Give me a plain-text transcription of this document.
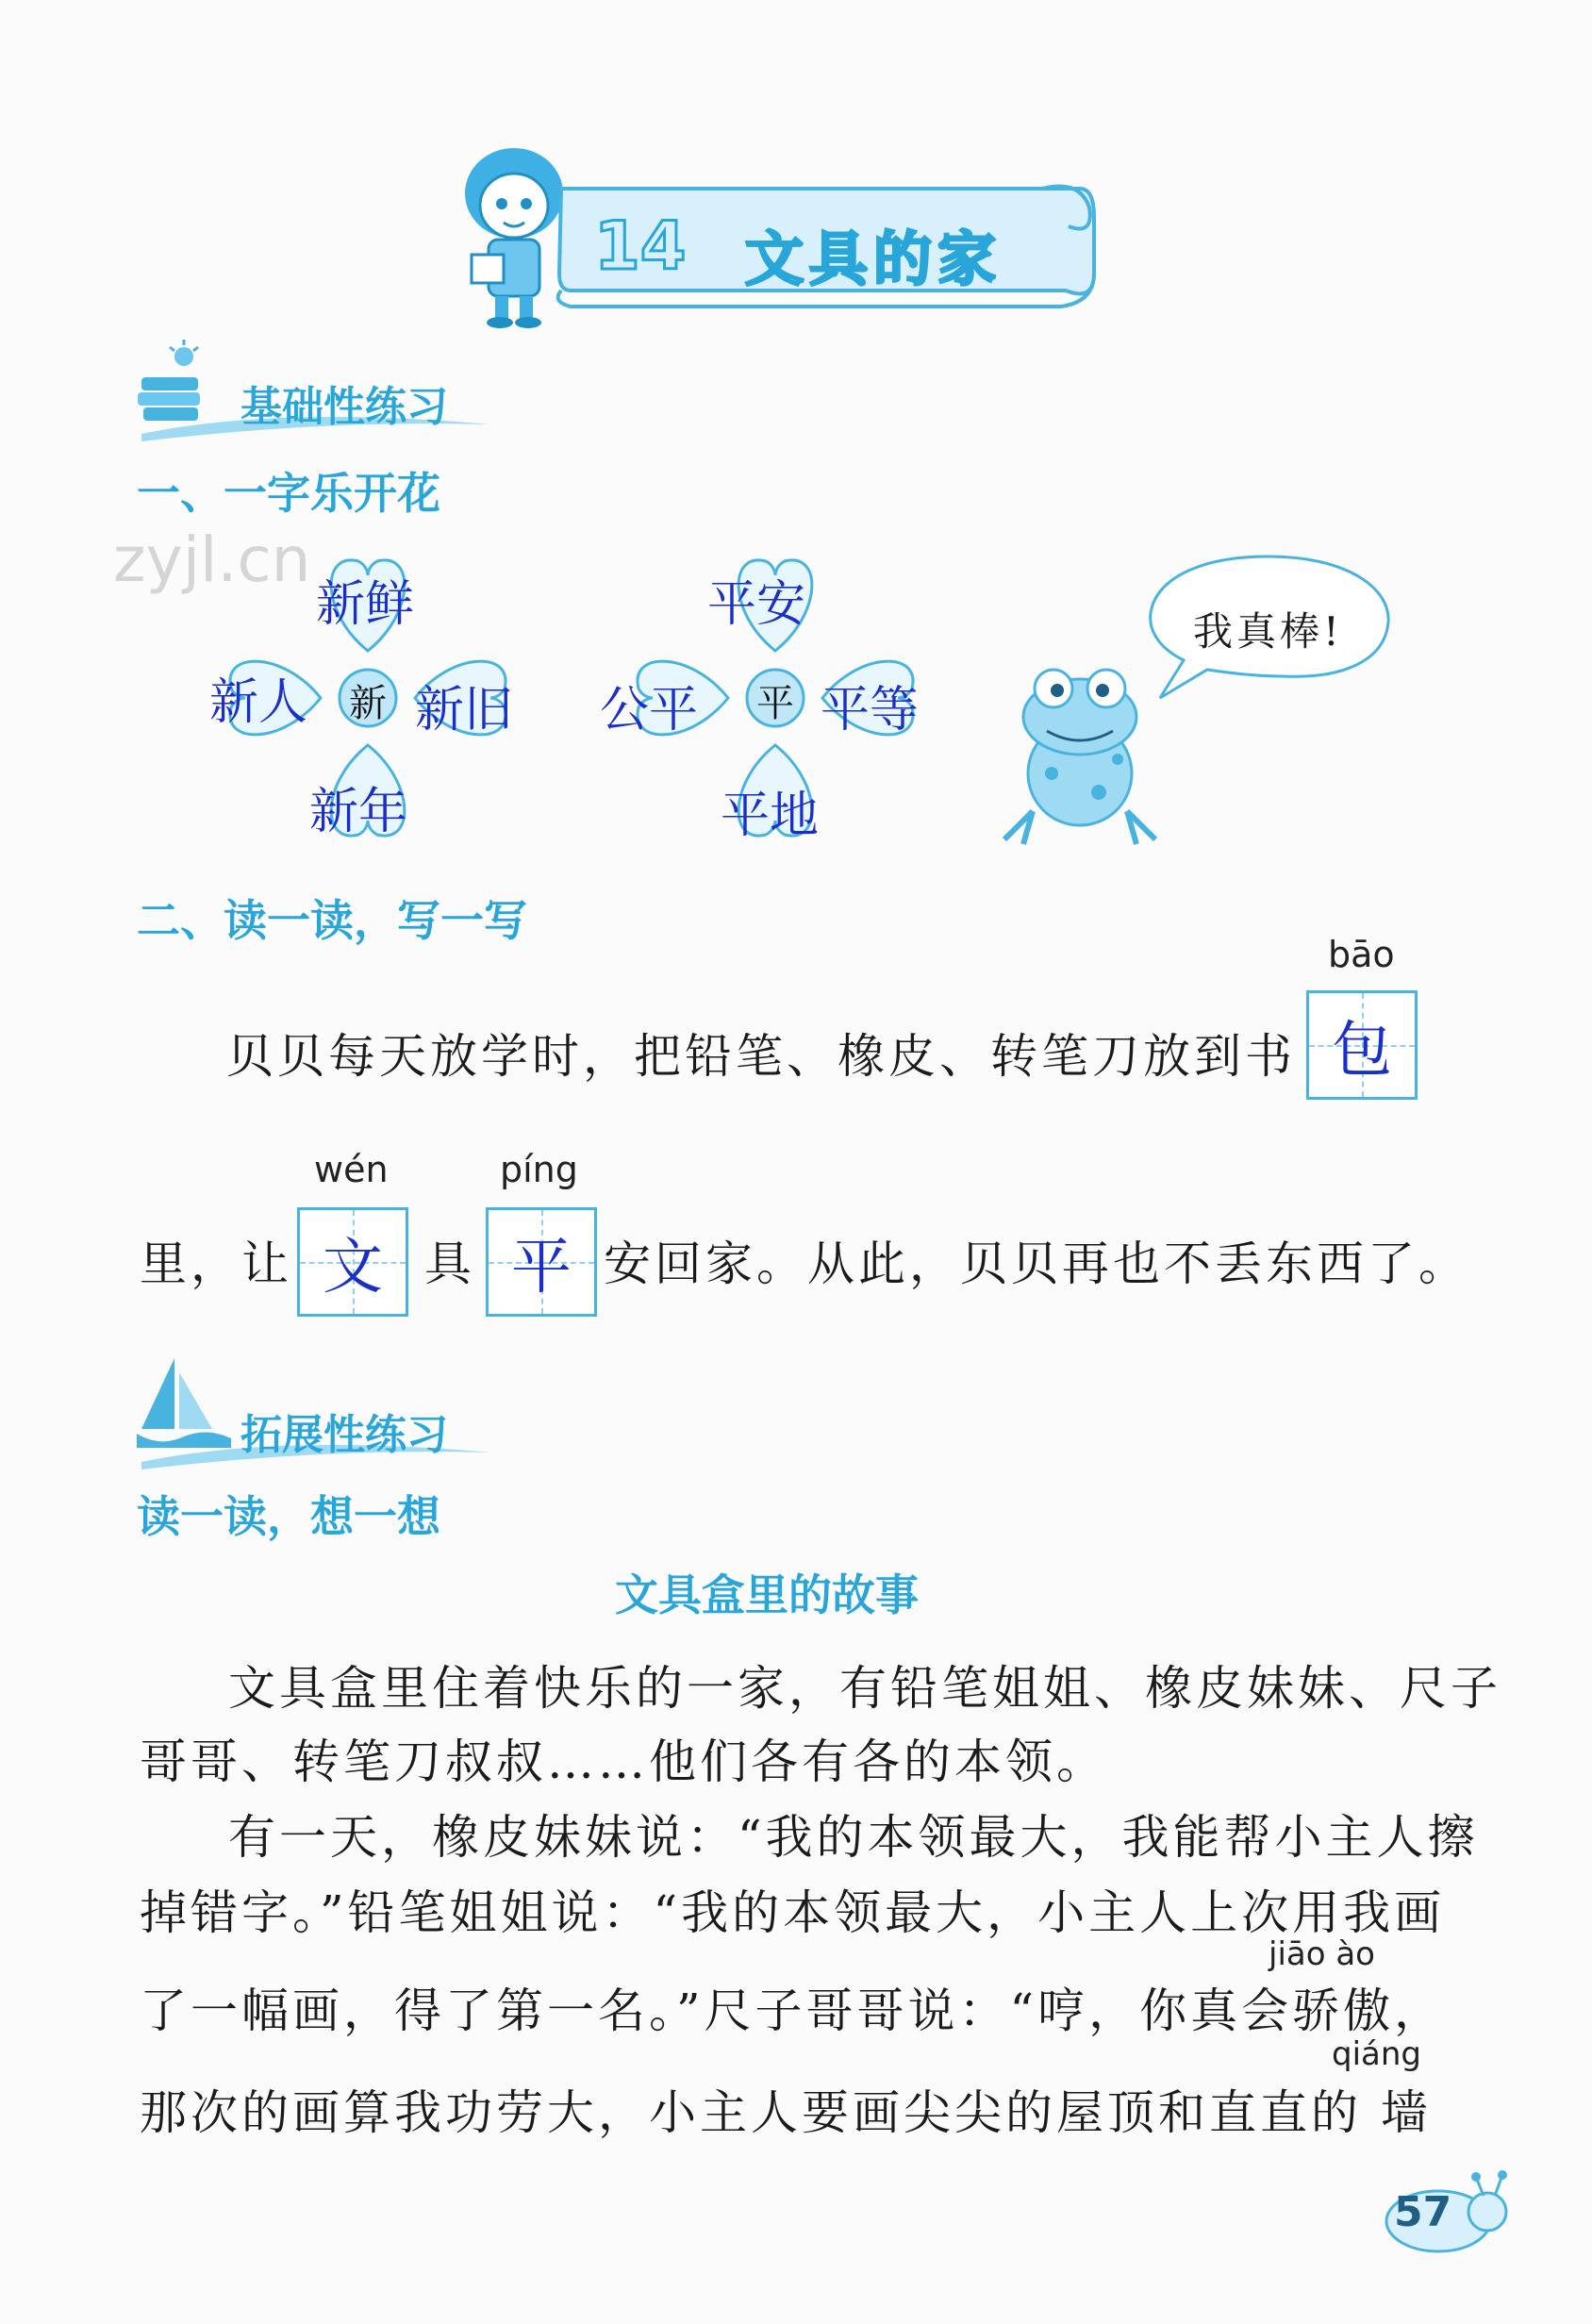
14 文具的家
基础性练习
一、一字乐开花
zyjl.cn
新
新鲜
新人 新旧
新年
平
平安
公平 平等
平地
我真棒!
二、读一读，写一写
贝贝每天放学时，把铅笔、橡皮、转笔刀放到书
bāo
包
里，让
wén
文 具
píng
平 安回家。从此，贝贝再也不丢东西了。
拓展性练习
读一读，想一想
文具盒里的故事
文具盒里住着快乐的一家，有铅笔姐姐、橡皮妹妹、尺子
哥哥、转笔刀叔叔……他们各有各的本领。
有一天，橡皮妹妹说：“我的本领最大，我能帮小主人擦
掉错字。”铅笔姐姐说：“我的本领最大，小主人上次用我画
jiāo ào
了一幅画，得了第一名。”尺子哥哥说：“哼，你真会骄傲，
qiáng
那次的画算我功劳大，小主人要画尖尖的屋顶和直直的 墙
57
